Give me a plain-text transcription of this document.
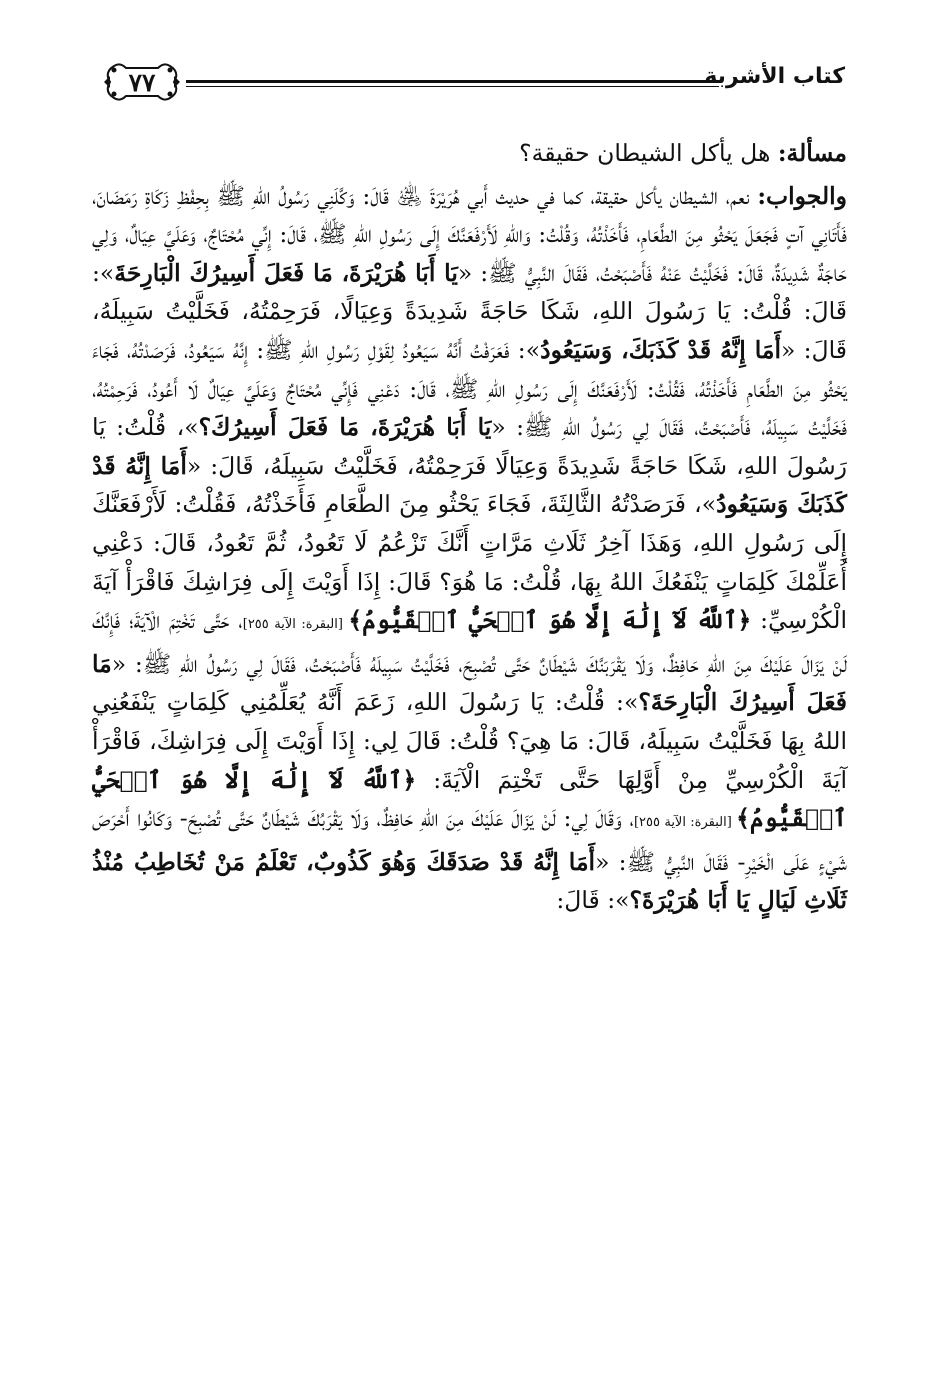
٧٧	كتاب الأشربة

مسألة: هل يأكل الشيطان حقيقة؟

والجواب: نعم، الشيطان يأكل حقيقة، كما في حديث أَبي هُرَيْرَةَ ﵁ قَالَ: وَكَّلَنِي رَسُولُ اللهِ ﷺ بِحِفْظِ زَكَاةِ رَمَضَانَ، فَأَتَانِي آتٍ فَجَعَلَ يَحْثُو مِنَ الطَّعَامِ، فَأَخَذْتُهُ، وَقُلْتُ: وَاللهِ لَأَرْفَعَنَّكَ إِلَى رَسُولِ اللهِ ﷺ، قَالَ: إِنِّي مُحْتَاجٌ، وَعَلَيَّ عِيَالٌ، وَلِي حَاجَةٌ شَدِيدَةٌ، قَالَ: فَخَلَّيْتُ عَنْهُ فَأَصْبَحْتُ، فَقَالَ النَّبِيُّ ﷺ: «يَا أَبَا هُرَيْرَةَ، مَا فَعَلَ أَسِيرُكَ الْبَارِحَةَ»: قَالَ: قُلْتُ: يَا رَسُولَ اللهِ، شَكَا حَاجَةً شَدِيدَةً وَعِيَالًا، فَرَحِمْتُهُ، فَخَلَّيْتُ سَبِيلَهُ، قَالَ: «أَمَا إِنَّهُ قَدْ كَذَبَكَ، وَسَيَعُودُ»: فَعَرَفْتُ أَنَّهُ سَيَعُودُ لِقَوْلِ رَسُولِ اللهِ ﷺ: إِنَّهُ سَيَعُودُ، فَرَصَدْتُهُ، فَجَاءَ يَحْثُو مِنَ الطَّعَامِ فَأَخَذْتُهُ، فَقُلْتُ: لَأَرْفَعَنَّكَ إِلَى رَسُولِ اللهِ ﷺ، قَالَ: دَعْنِي فَإِنِّي مُحْتَاجٌ وَعَلَيَّ عِيَالٌ لَا أَعُودُ، فَرَحِمْتُهُ، فَخَلَّيْتُ سَبِيلَهُ، فَأَصْبَحْتُ، فَقَالَ لِي رَسُولُ اللهِ ﷺ: «يَا أَبَا هُرَيْرَةَ، مَا فَعَلَ أَسِيرُكَ؟»، قُلْتُ: يَا رَسُولَ اللهِ، شَكَا حَاجَةً شَدِيدَةً وَعِيَالًا فَرَحِمْتُهُ، فَخَلَّيْتُ سَبِيلَهُ، قَالَ: «أَمَا إِنَّهُ قَدْ كَذَبَكَ وَسَيَعُودُ»، فَرَصَدْتُهُ الثَّالِثَةَ، فَجَاءَ يَحْثُو مِنَ الطَّعَامِ فَأَخَذْتُهُ، فَقُلْتُ: لَأَرْفَعَنَّكَ إِلَى رَسُولِ اللهِ، وَهَذَا آخِرُ ثَلَاثِ مَرَّاتٍ أَنَّكَ تَزْعُمُ لَا تَعُودُ، ثُمَّ تَعُودُ، قَالَ: دَعْنِي أُعَلِّمْكَ كَلِمَاتٍ يَنْفَعُكَ اللهُ بِهَا، قُلْتُ: مَا هُوَ؟ قَالَ: إِذَا أَوَيْتَ إِلَى فِرَاشِكَ فَاقْرَأْ آيَةَ الْكُرْسِيِّ: ﴿ٱللَّهُ لَآ إِلَٰهَ إِلَّا هُوَ ٱلۡحَيُّ ٱلۡقَيُّومُ﴾ [البقرة: الآية ٢٥٥]، حَتَّى تَخْتِمَ الْآيَةَ؛ فَإِنَّكَ لَنْ يَزَالَ عَلَيْكَ مِنَ اللهِ حَافِظٌ، وَلَا يَقْرَبَنَّكَ شَيْطَانٌ حَتَّى تُصْبِحَ، فَخَلَّيْتُ سَبِيلَهُ فَأَصْبَحْتُ، فَقَالَ لِي رَسُولُ اللهِ ﷺ: «مَا فَعَلَ أَسِيرُكَ الْبَارِحَةَ؟»: قُلْتُ: يَا رَسُولَ اللهِ، زَعَمَ أَنَّهُ يُعَلِّمُنِي كَلِمَاتٍ يَنْفَعُنِي اللهُ بِهَا فَخَلَّيْتُ سَبِيلَهُ، قَالَ: مَا هِيَ؟ قُلْتُ: قَالَ لِي: إِذَا أَوَيْتَ إِلَى فِرَاشِكَ، فَاقْرَأْ آيَةَ الْكُرْسِيِّ مِنْ أَوَّلِهَا حَتَّى تَخْتِمَ الْآيَةَ: ﴿ٱللَّهُ لَآ إِلَٰهَ إِلَّا هُوَ ٱلۡحَيُّ ٱلۡقَيُّومُ﴾ [البقرة: الآية ٢٥٥]، وَقَالَ لِي: لَنْ يَزَالَ عَلَيْكَ مِنَ اللهِ حَافِظٌ، وَلَا يَقْرَبُكَ شَيْطَانٌ حَتَّى تُصْبِحَ- وَكَانُوا أَحْرَصَ شَيْءٍ عَلَى الْخَيْرِ- فَقَالَ النَّبِيُّ ﷺ: «أَمَا إِنَّهُ قَدْ صَدَقَكَ وَهُوَ كَذُوبٌ، تَعْلَمُ مَنْ تُخَاطِبُ مُنْذُ ثَلَاثِ لَيَالٍ يَا أَبَا هُرَيْرَةَ؟»: قَالَ:
